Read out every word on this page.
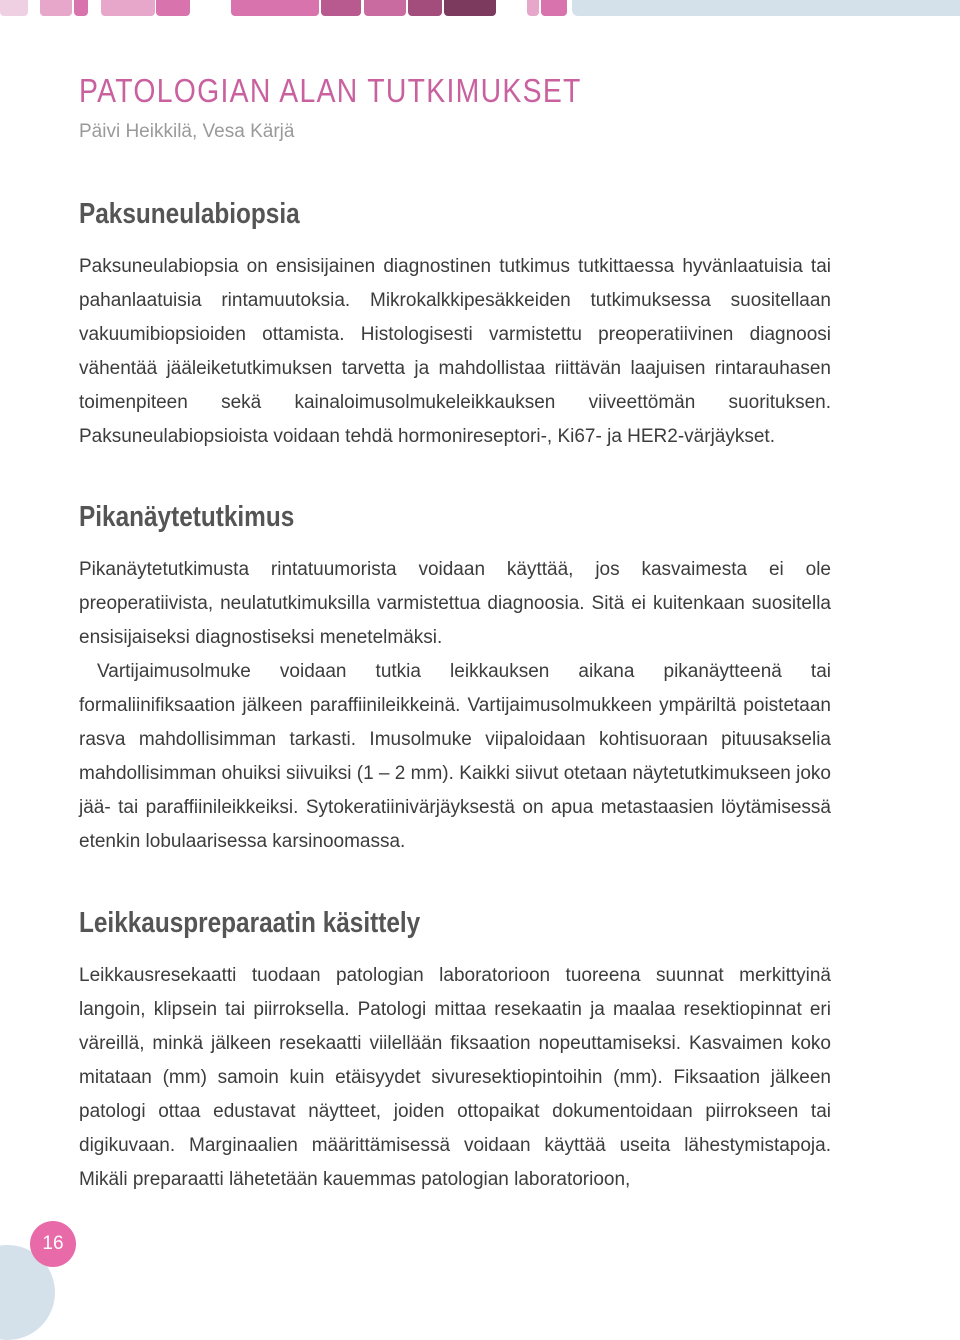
PATOLOGIAN ALAN TUTKIMUKSET
Päivi Heikkilä, Vesa Kärjä
Paksuneulabiopsia

Paksuneulabiopsia on ensisijainen diagnostinen tutkimus tutkittaessa hyvänlaatuisia tai pahanlaatuisia rintamuutoksia. Mikrokalkkipesäkkeiden tutkimuksessa suositellaan vakuumibiopsioiden ottamista. Histologisesti varmistettu preoperatiivinen diagnoosi vähentää jääleiketutkimuksen tarvetta ja mahdollistaa riittävän laajuisen rintarauhasen toimenpiteen sekä kainaloimusolmukeleikkauksen viiveettömän suorituksen. Paksuneulabiopsioista voidaan tehdä hormonireseptori-, Ki67- ja HER2-värjäykset.

Pikanäytetutkimus

Pikanäytetutkimusta rintatuumorista voidaan käyttää, jos kasvaimesta ei ole preoperatiivista, neulatutkimuksilla varmistettua diagnoosia. Sitä ei kuitenkaan suositella ensisijaiseksi diagnostiseksi menetelmäksi.

Vartijaimusolmuke voidaan tutkia leikkauksen aikana pikanäytteenä tai formaliinifiksaation jälkeen paraffiinileikkeinä. Vartijaimusolmukkeen ympäriltä poistetaan rasva mahdollisimman tarkasti. Imusolmuke viipaloidaan kohtisuoraan pituusakselia mahdollisimman ohuiksi siivuiksi (1 – 2 mm). Kaikki siivut otetaan näytetutkimukseen joko jää- tai paraffiinileikkeiksi. Sytokeratiinivärjäyksestä on apua metastaasien löytämisessä etenkin lobulaarisessa karsinoomassa.

Leikkauspreparaatin käsittely

Leikkausresekaatti tuodaan patologian laboratorioon tuoreena suunnat merkittyinä langoin, klipsein tai piirroksella. Patologi mittaa resekaatin ja maalaa resektiopinnat eri väreillä, minkä jälkeen resekaatti viilellään fiksaation nopeuttamiseksi. Kasvaimen koko mitataan (mm) samoin kuin etäisyydet sivuresektiopintoihin (mm). Fiksaation jälkeen patologi ottaa edustavat näytteet, joiden ottopaikat dokumentoidaan piirrokseen tai digikuvaan. Marginaalien määrittämisessä voidaan käyttää useita lähestymistapoja. Mikäli preparaatti lähetetään kauemmas patologian laboratorioon,

16
